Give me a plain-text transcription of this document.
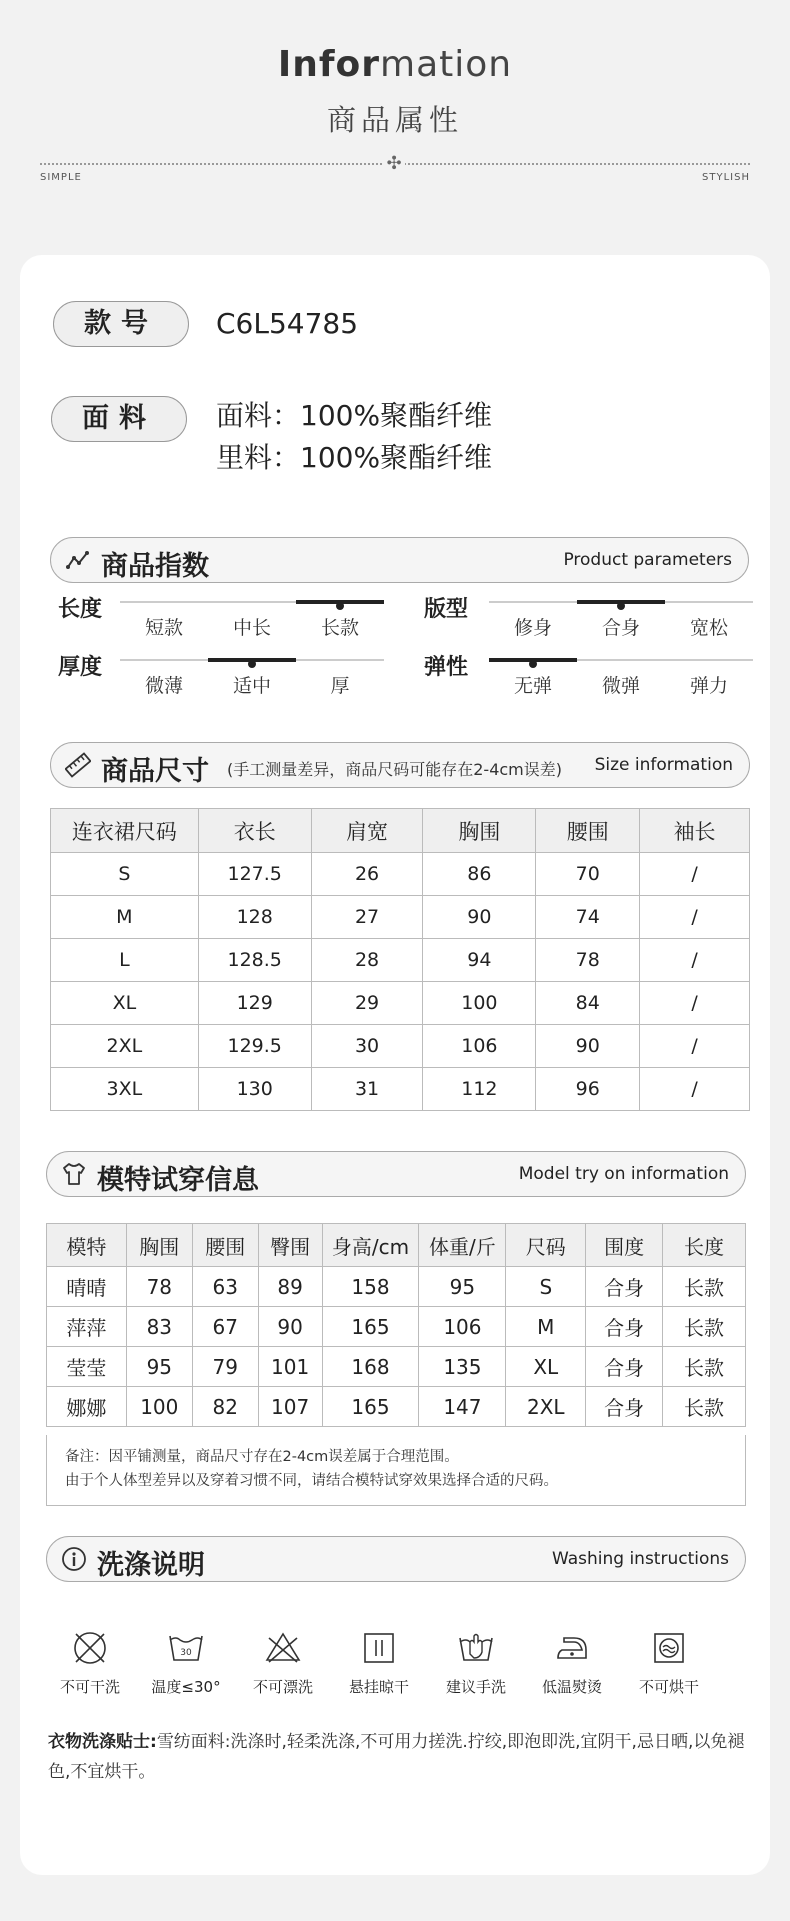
Information
商品属性
✣
SIMPLE	STYLISH
款号	C6L54785
面料	面料：100%聚酯纤维
里料：100%聚酯纤维
商品指数	Product parameters
长度
短款	中长	长款
版型
修身	合身	宽松
厚度
微薄	适中	厚
弹性
无弹	微弹	弹力
商品尺寸 (手工测量差异，商品尺码可能存在2-4cm误差) Size information
连衣裙尺码	衣长	肩宽	胸围	腰围	袖长
S	127.5	26	86	70	/
M	128	27	90	74	/
L	128.5	28	94	78	/
XL	129	29	100	84	/
2XL	129.5	30	106	90	/
3XL	130	31	112	96	/
模特试穿信息	Model try on information
模特	胸围	腰围	臀围	身高/cm	体重/斤	尺码	围度	长度
晴晴	78	63	89	158	95	S	合身	长款
萍萍	83	67	90	165	106	M	合身	长款
莹莹	95	79	101	168	135	XL	合身	长款
娜娜	100	82	107	165	147	2XL	合身	长款
备注：因平铺测量，商品尺寸存在2-4cm误差属于合理范围。
由于个人体型差异以及穿着习惯不同，请结合模特试穿效果选择合适的尺码。
洗涤说明	Washing instructions
不可干洗
30
温度≤30°	不可漂洗	悬挂晾干	建议手洗	低温熨烫	不可烘干
衣物洗涤贴士:雪纺面料:洗涤时,轻柔洗涤,不可用力搓洗.拧绞,即泡即洗,宜阴干,忌日晒,以免褪色,不宜烘干。
